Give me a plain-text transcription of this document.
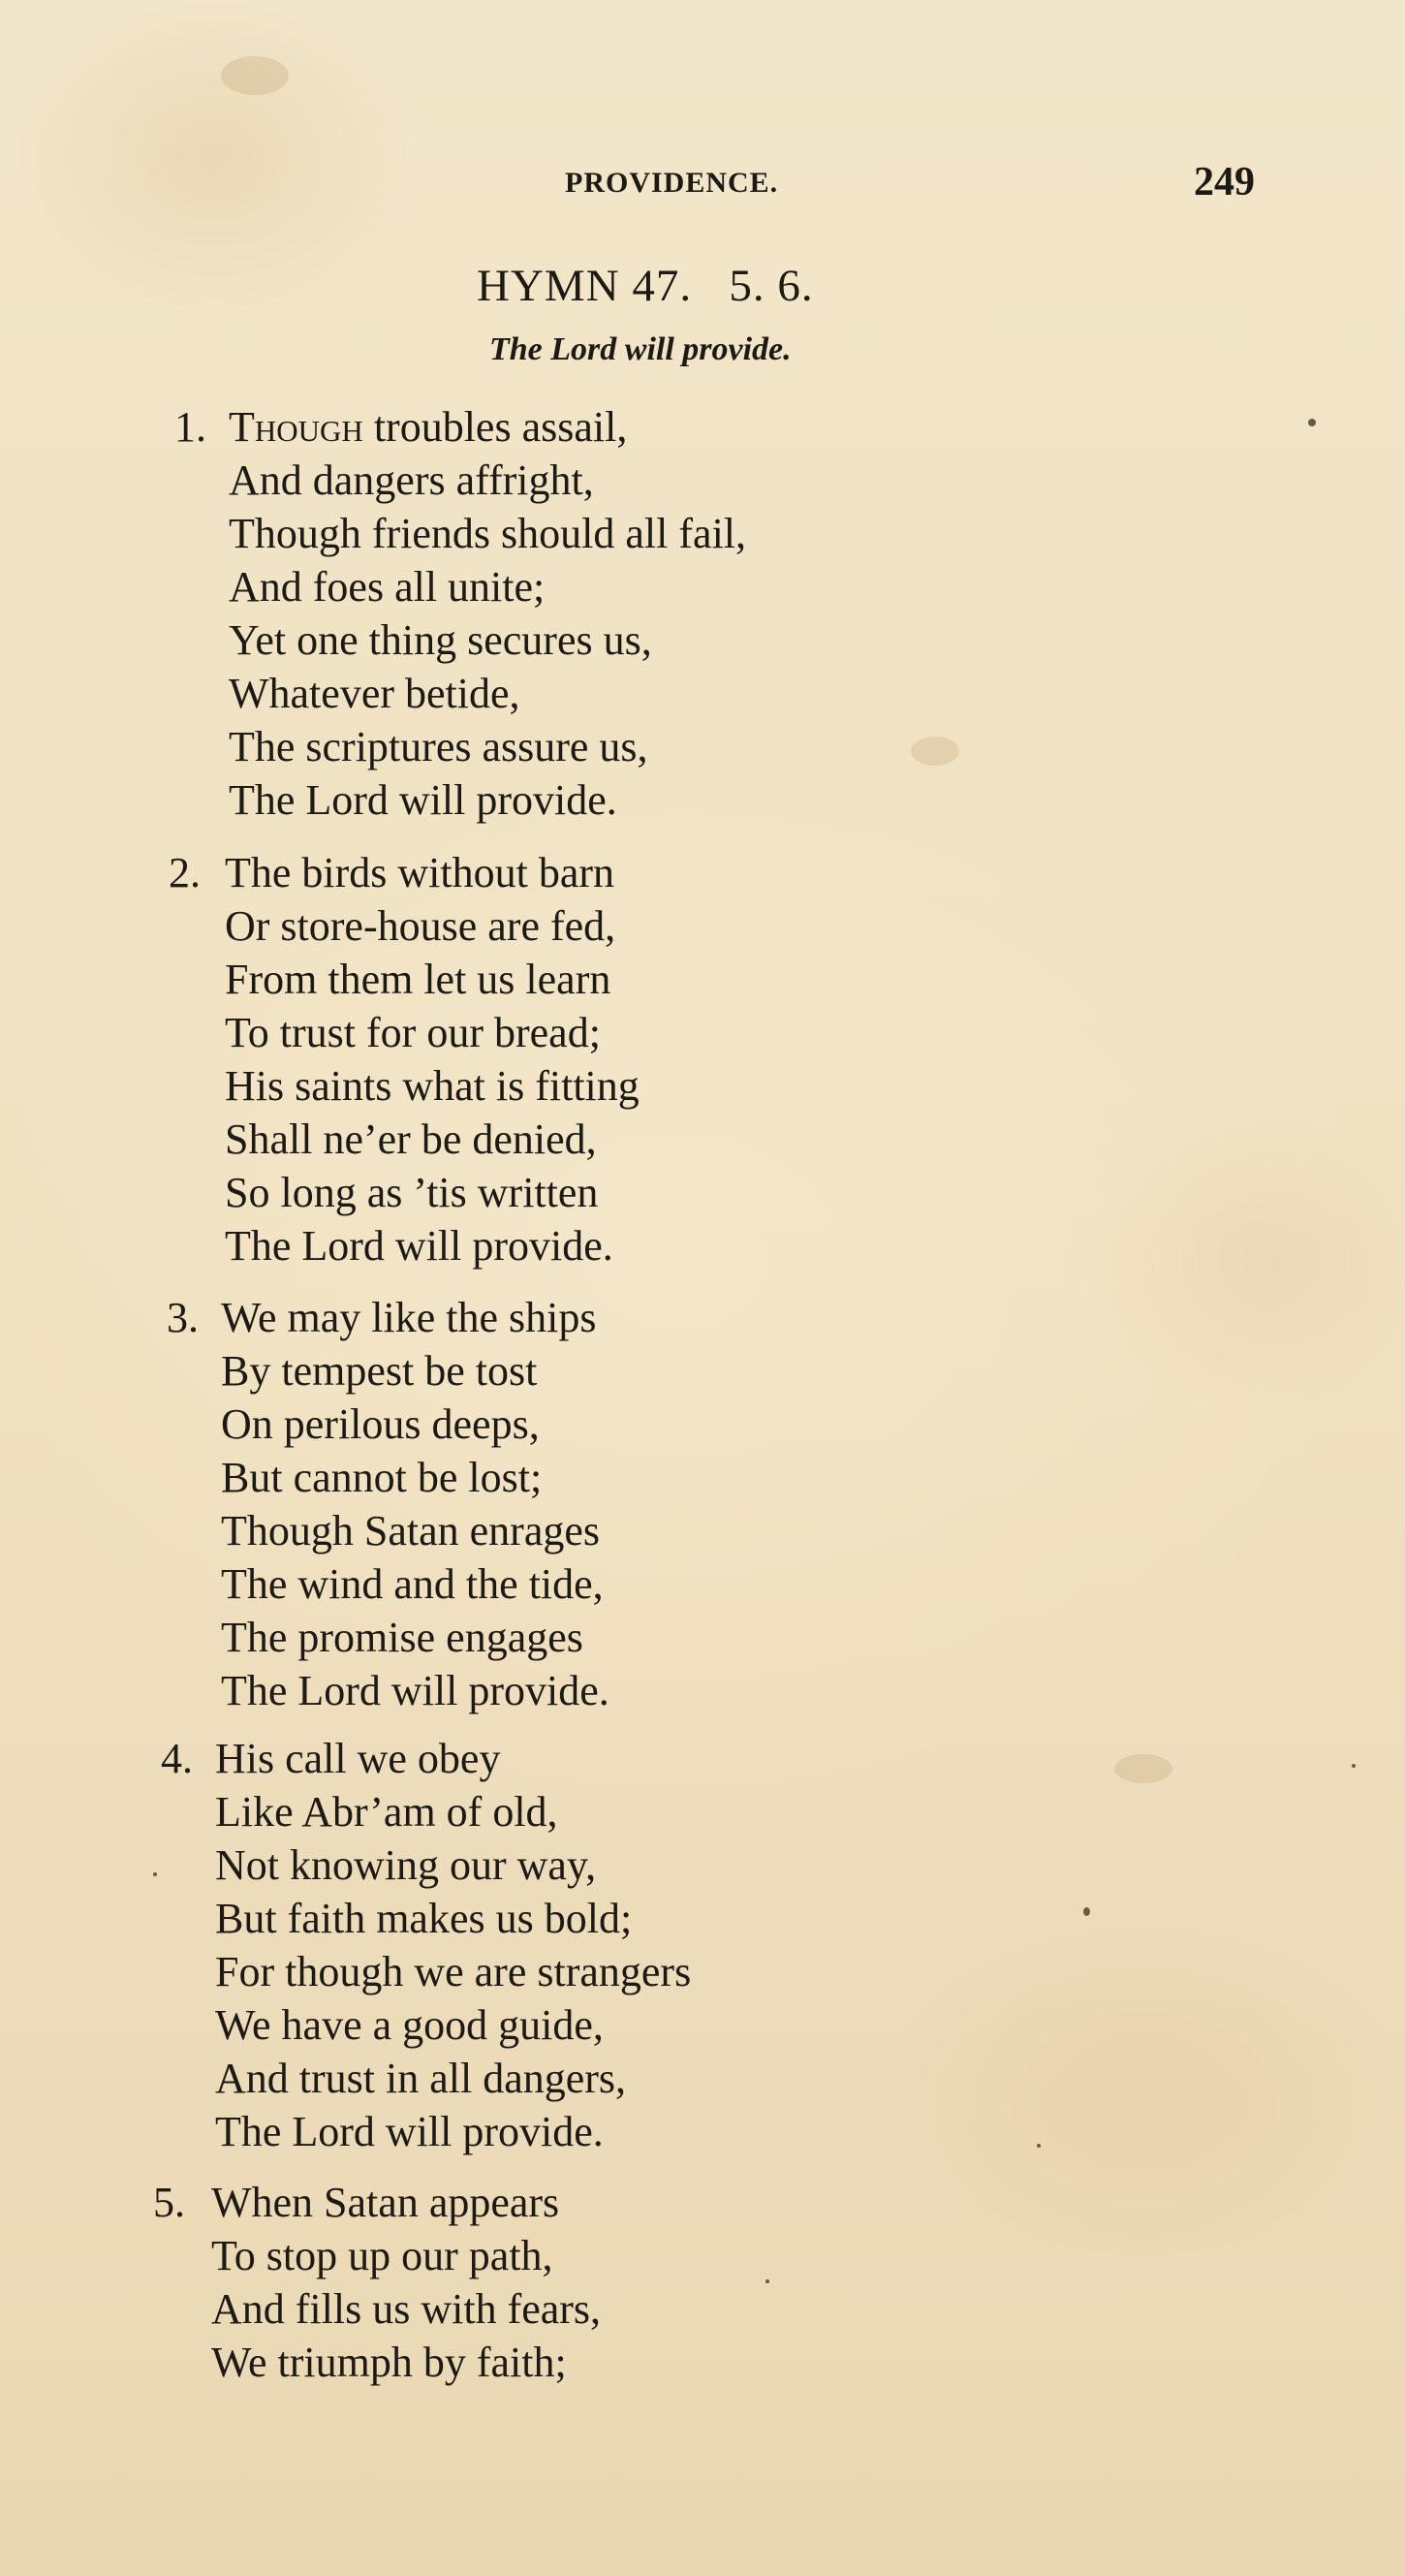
PROVIDENCE.	249
HYMN 47.   5. 6.
The Lord will provide.
1. Though troubles assail,
And dangers affright,
Though friends should all fail,
And foes all unite;
Yet one thing secures us,
Whatever betide,
The scriptures assure us,
The Lord will provide.
2. The birds without barn
Or store-house are fed,
From them let us learn
To trust for our bread;
His saints what is fitting
Shall ne’er be denied,
So long as ’tis written
The Lord will provide.
3. We may like the ships
By tempest be tost
On perilous deeps,
But cannot be lost;
Though Satan enrages
The wind and the tide,
The promise engages
The Lord will provide.
4. His call we obey
Like Abr’am of old,
Not knowing our way,
But faith makes us bold;
For though we are strangers
We have a good guide,
And trust in all dangers,
The Lord will provide.
5. When Satan appears
To stop up our path,
And fills us with fears,
We triumph by faith;
